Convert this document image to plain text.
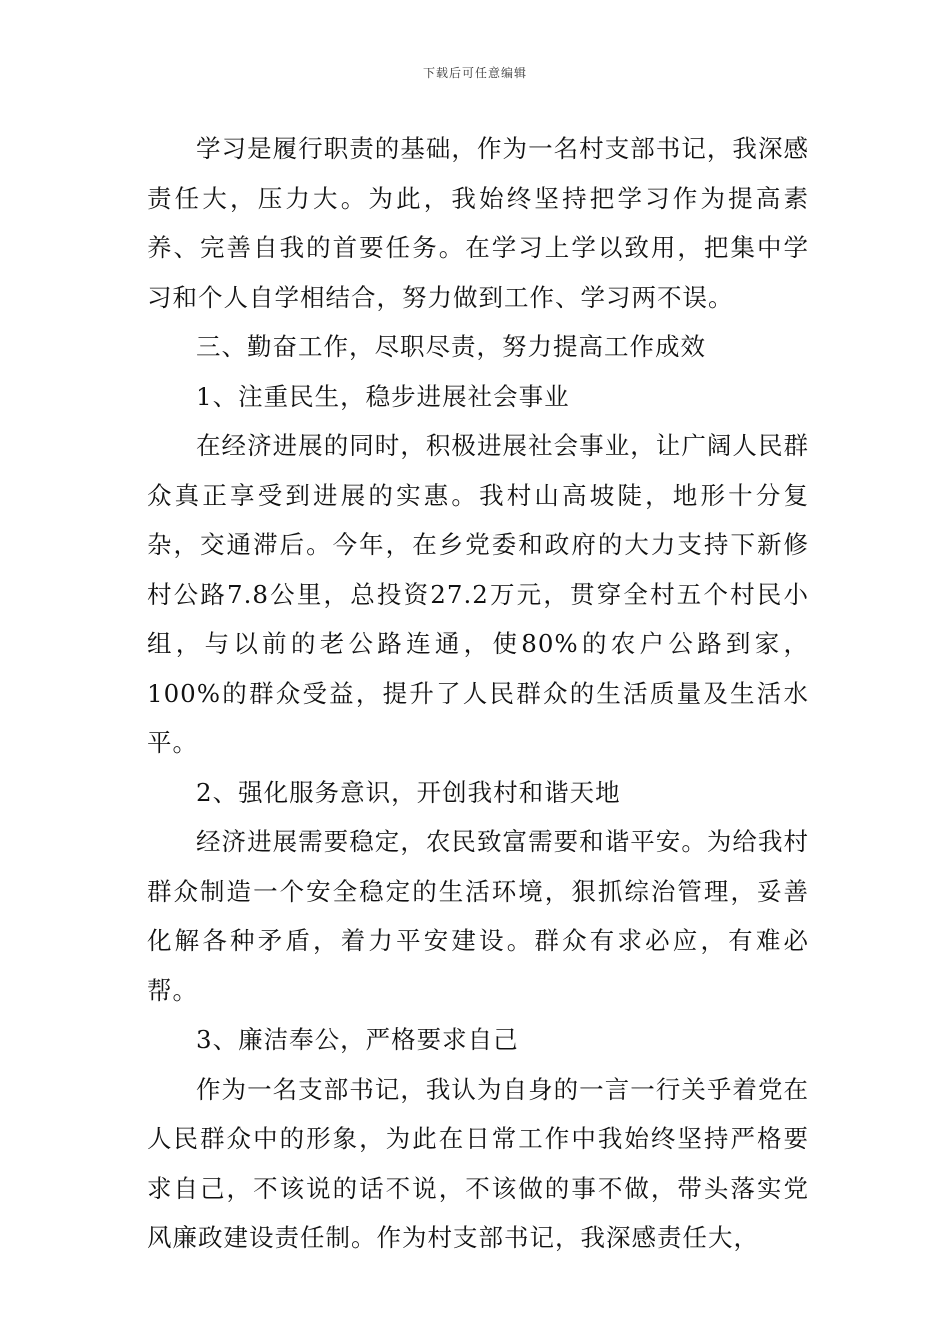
下载后可任意编辑

学习是履行职责的基础，作为一名村支部书记，我深感责任大，压力大。为此，我始终坚持把学习作为提高素养、完善自我的首要任务。在学习上学以致用，把集中学习和个人自学相结合，努力做到工作、学习两不误。

三、勤奋工作，尽职尽责，努力提高工作成效

1、注重民生，稳步进展社会事业

在经济进展的同时，积极进展社会事业，让广阔人民群众真正享受到进展的实惠。我村山高坡陡，地形十分复杂，交通滞后。今年，在乡党委和政府的大力支持下新修村公路7.8公里，总投资27.2万元，贯穿全村五个村民小组，与以前的老公路连通，使80%的农户公路到家，100%的群众受益，提升了人民群众的生活质量及生活水平。

2、强化服务意识，开创我村和谐天地

经济进展需要稳定，农民致富需要和谐平安。为给我村群众制造一个安全稳定的生活环境，狠抓综治管理，妥善化解各种矛盾，着力平安建设。群众有求必应，有难必帮。

3、廉洁奉公，严格要求自己

作为一名支部书记，我认为自身的一言一行关乎着党在人民群众中的形象，为此在日常工作中我始终坚持严格要求自己，不该说的话不说，不该做的事不做，带头落实党风廉政建设责任制。作为村支部书记，我深感责任大，
